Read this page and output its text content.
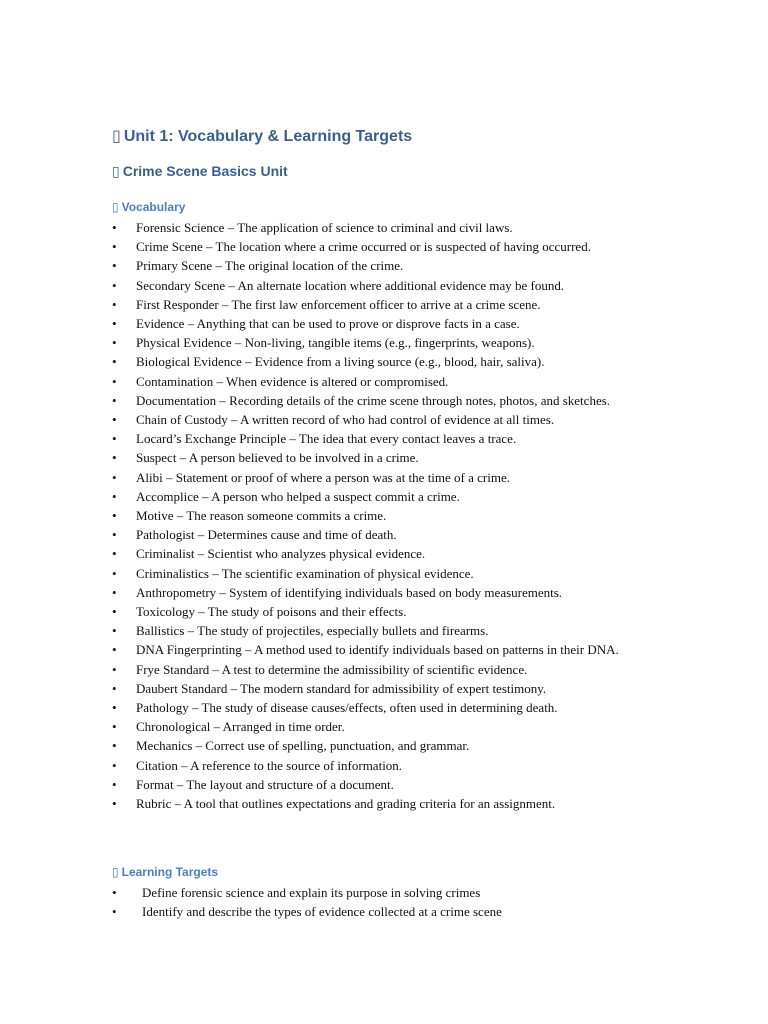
▯ Unit 1: Vocabulary & Learning Targets
▯ Crime Scene Basics Unit
▯ Vocabulary
• Forensic Science – The application of science to criminal and civil laws.
• Crime Scene – The location where a crime occurred or is suspected of having occurred.
• Primary Scene – The original location of the crime.
• Secondary Scene – An alternate location where additional evidence may be found.
• First Responder – The first law enforcement officer to arrive at a crime scene.
• Evidence – Anything that can be used to prove or disprove facts in a case.
• Physical Evidence – Non-living, tangible items (e.g., fingerprints, weapons).
• Biological Evidence – Evidence from a living source (e.g., blood, hair, saliva).
• Contamination – When evidence is altered or compromised.
• Documentation – Recording details of the crime scene through notes, photos, and sketches.
• Chain of Custody – A written record of who had control of evidence at all times.
• Locard’s Exchange Principle – The idea that every contact leaves a trace.
• Suspect – A person believed to be involved in a crime.
• Alibi – Statement or proof of where a person was at the time of a crime.
• Accomplice – A person who helped a suspect commit a crime.
• Motive – The reason someone commits a crime.
• Pathologist – Determines cause and time of death.
• Criminalist – Scientist who analyzes physical evidence.
• Criminalistics – The scientific examination of physical evidence.
• Anthropometry – System of identifying individuals based on body measurements.
• Toxicology – The study of poisons and their effects.
• Ballistics – The study of projectiles, especially bullets and firearms.
• DNA Fingerprinting – A method used to identify individuals based on patterns in their DNA.
• Frye Standard – A test to determine the admissibility of scientific evidence.
• Daubert Standard – The modern standard for admissibility of expert testimony.
• Pathology – The study of disease causes/effects, often used in determining death.
• Chronological – Arranged in time order.
• Mechanics – Correct use of spelling, punctuation, and grammar.
• Citation – A reference to the source of information.
• Format – The layout and structure of a document.
• Rubric – A tool that outlines expectations and grading criteria for an assignment.
▯ Learning Targets
• Define forensic science and explain its purpose in solving crimes
• Identify and describe the types of evidence collected at a crime scene
